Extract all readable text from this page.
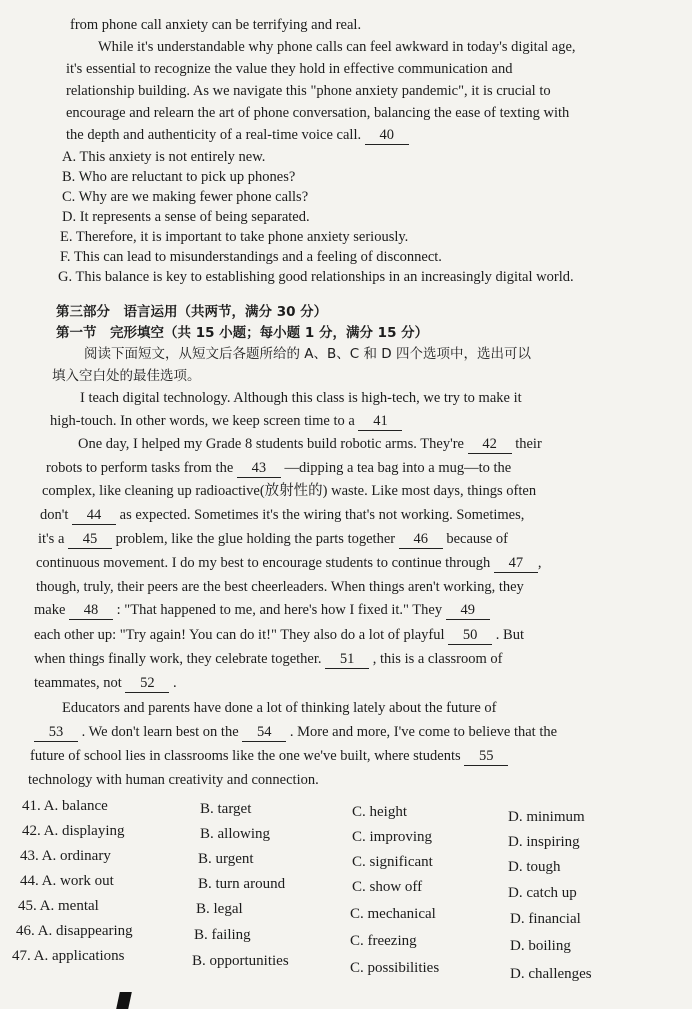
from phone call anxiety can be terrifying and real.
While it's understandable why phone calls can feel awkward in today's digital age,
it's essential to recognize the value they hold in effective communication and
relationship building. As we navigate this "phone anxiety pandemic", it is crucial to
encourage and relearn the art of phone conversation, balancing the ease of texting with
the depth and authenticity of a real-time voice call. 40
A. This anxiety is not entirely new.
B. Who are reluctant to pick up phones?
C. Why are we making fewer phone calls?
D. It represents a sense of being separated.
E. Therefore, it is important to take phone anxiety seriously.
F. This can lead to misunderstandings and a feeling of disconnect.
G. This balance is key to establishing good relationships in an increasingly digital world.
第三部分　语言运用（共两节，满分 30 分）
第一节　完形填空（共 15 小题；每小题 1 分，满分 15 分）
阅读下面短文，从短文后各题所给的 A、B、C 和 D 四个选项中，选出可以
填入空白处的最佳选项。
I teach digital technology. Although this class is high-tech, we try to make it
high-touch. In other words, we keep screen time to a 41
One day, I helped my Grade 8 students build robotic arms. They're 42 their
robots to perform tasks from the 43 —dipping a tea bag into a mug—to the
complex, like cleaning up radioactive(放射性的) waste. Like most days, things often
don't 44 as expected. Sometimes it's the wiring that's not working. Sometimes,
it's a 45 problem, like the glue holding the parts together 46 because of
continuous movement. I do my best to encourage students to continue through 47 ,
though, truly, their peers are the best cheerleaders. When things aren't working, they
make 48 : "That happened to me, and here's how I fixed it." They 49
each other up: "Try again! You can do it!" They also do a lot of playful 50 . But
when things finally work, they celebrate together. 51 , this is a classroom of
teammates, not 52 .
Educators and parents have done a lot of thinking lately about the future of
53 . We don't learn best on the 54 . More and more, I've come to believe that the
future of school lies in classrooms like the one we've built, where students 55
technology with human creativity and connection.
41. A. balance	B. target	C. height	D. minimum
42. A. displaying	B. allowing	C. improving	D. inspiring
43. A. ordinary	B. urgent	C. significant	D. tough
44. A. work out	B. turn around	C. show off	D. catch up
45. A. mental	B. legal	C. mechanical	D. financial
46. A. disappearing	B. failing	C. freezing	D. boiling
47. A. applications	B. opportunities	C. possibilities	D. challenges
